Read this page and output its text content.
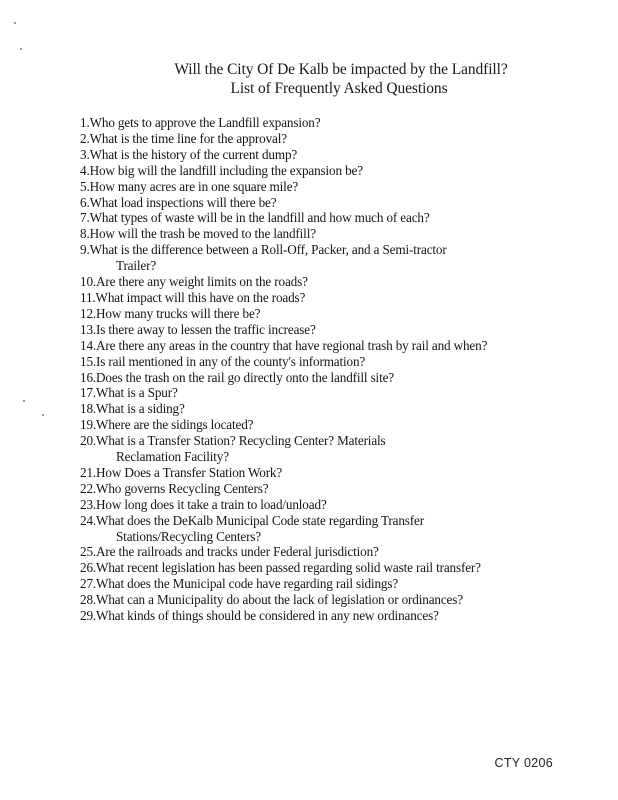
Will the City Of De Kalb be impacted by the Landfill?
List of Frequently Asked Questions
1.Who gets to approve the Landfill expansion?
2.What is the time line for the approval?
3.What is the history of the current dump?
4.How big will the landfill including the expansion be?
5.How many acres are in one square mile?
6.What load inspections will there be?
7.What types of waste will be in the landfill and how much of each?
8.How will the trash be moved to the landfill?
9.What is the difference between a Roll-Off, Packer, and a Semi-tractor
Trailer?
10.Are there any weight limits on the roads?
11.What impact will this have on the roads?
12.How many trucks will there be?
13.Is there away to lessen the traffic increase?
14.Are there any areas in the country that have regional trash by rail and when?
15.Is rail mentioned in any of the county's information?
16.Does the trash on the rail go directly onto the landfill site?
17.What is a Spur?
18.What is a siding?
19.Where are the sidings located?
20.What is a Transfer Station? Recycling Center? Materials
Reclamation Facility?
21.How Does a Transfer Station Work?
22.Who governs Recycling Centers?
23.How long does it take a train to load/unload?
24.What does the DeKalb Municipal Code state regarding Transfer
Stations/Recycling Centers?
25.Are the railroads and tracks under Federal jurisdiction?
26.What recent legislation has been passed regarding solid waste rail transfer?
27.What does the Municipal code have regarding rail sidings?
28.What can a Municipality do about the lack of legislation or ordinances?
29.What kinds of things should be considered in any new ordinances?
CTY 0206
